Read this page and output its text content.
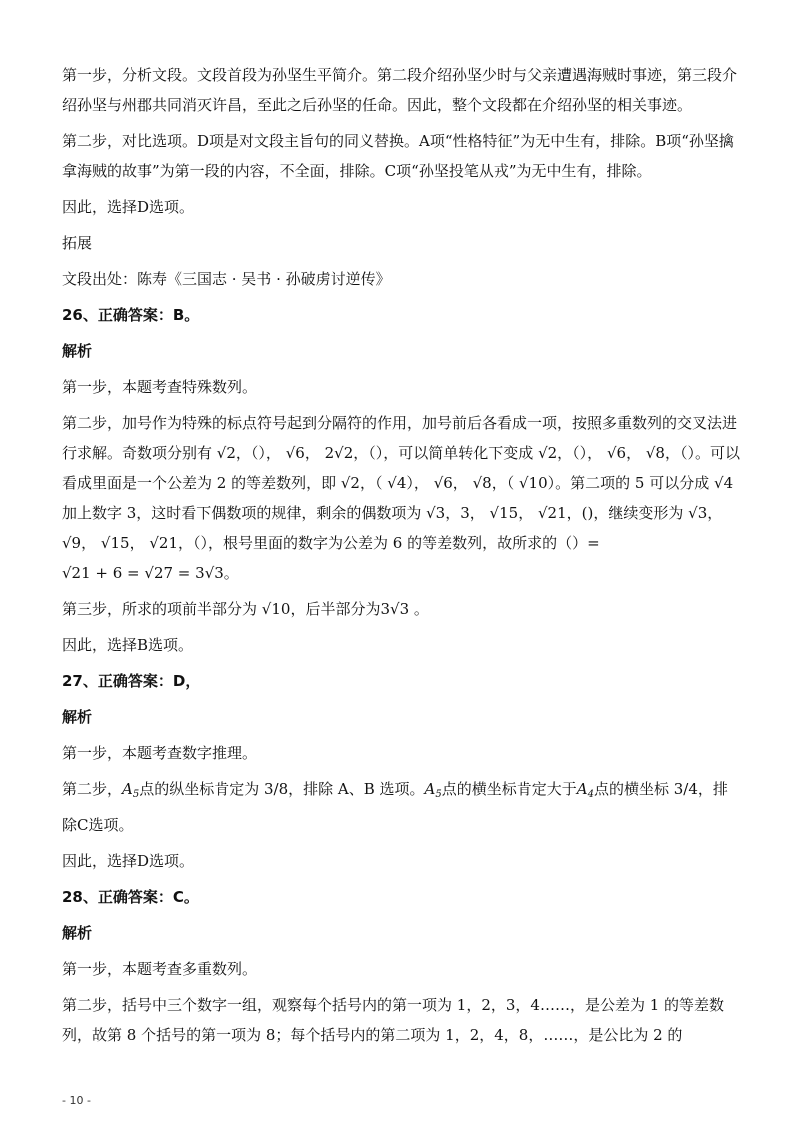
第一步，分析文段。文段首段为孙坚生平简介。第二段介绍孙坚少时与父亲遭遇海贼时事迹，第三段介绍孙坚与州郡共同消灭许昌，至此之后孙坚的任命。因此，整个文段都在介绍孙坚的相关事迹。

第二步，对比选项。D项是对文段主旨句的同义替换。A项“性格特征”为无中生有，排除。B项“孙坚擒拿海贼的故事”为第一段的内容，不全面，排除。C项“孙坚投笔从戎”为无中生有，排除。

因此，选择D选项。

拓展

文段出处：陈寿《三国志 · 吴书 · 孙破虏讨逆传》

26、正确答案：B。

解析

第一步，本题考查特殊数列。

第二步，加号作为特殊的标点符号起到分隔符的作用，加号前后各看成一项，按照多重数列的交叉法进行求解。奇数项分别有 √2，（）， √6， 2√2，（），可以简单转化下变成 √2，（）， √6， √8，（）。可以看成里面是一个公差为 2 的等差数列，即 √2，（ √4）， √6， √8，（ √10）。第二项的 5 可以分成 √4 加上数字 3，这时看下偶数项的规律，剩余的偶数项为 √3，3， √15， √21，()，继续变形为 √3， √9， √15， √21，（），根号里面的数字为公差为 6 的等差数列，故所求的（）= √21 + 6 = √27 = 3√3。

第三步，所求的项前半部分为 √10，后半部分为3√3 。

因此，选择B选项。

27、正确答案：D，

解析

第一步，本题考查数字推理。

第二步，$A_5$点的纵坐标肯定为 3/8，排除 A、B 选项。$A_5$点的横坐标肯定大于$A_4$点的横坐标 3/4，排除C选项。

因此，选择D选项。

28、正确答案：C。

解析

第一步，本题考查多重数列。

第二步，括号中三个数字一组，观察每个括号内的第一项为 1，2，3，4……，是公差为 1 的等差数列，故第 8 个括号的第一项为 8；每个括号内的第二项为 1，2，4，8，……，是公比为 2 的

- 10 -
